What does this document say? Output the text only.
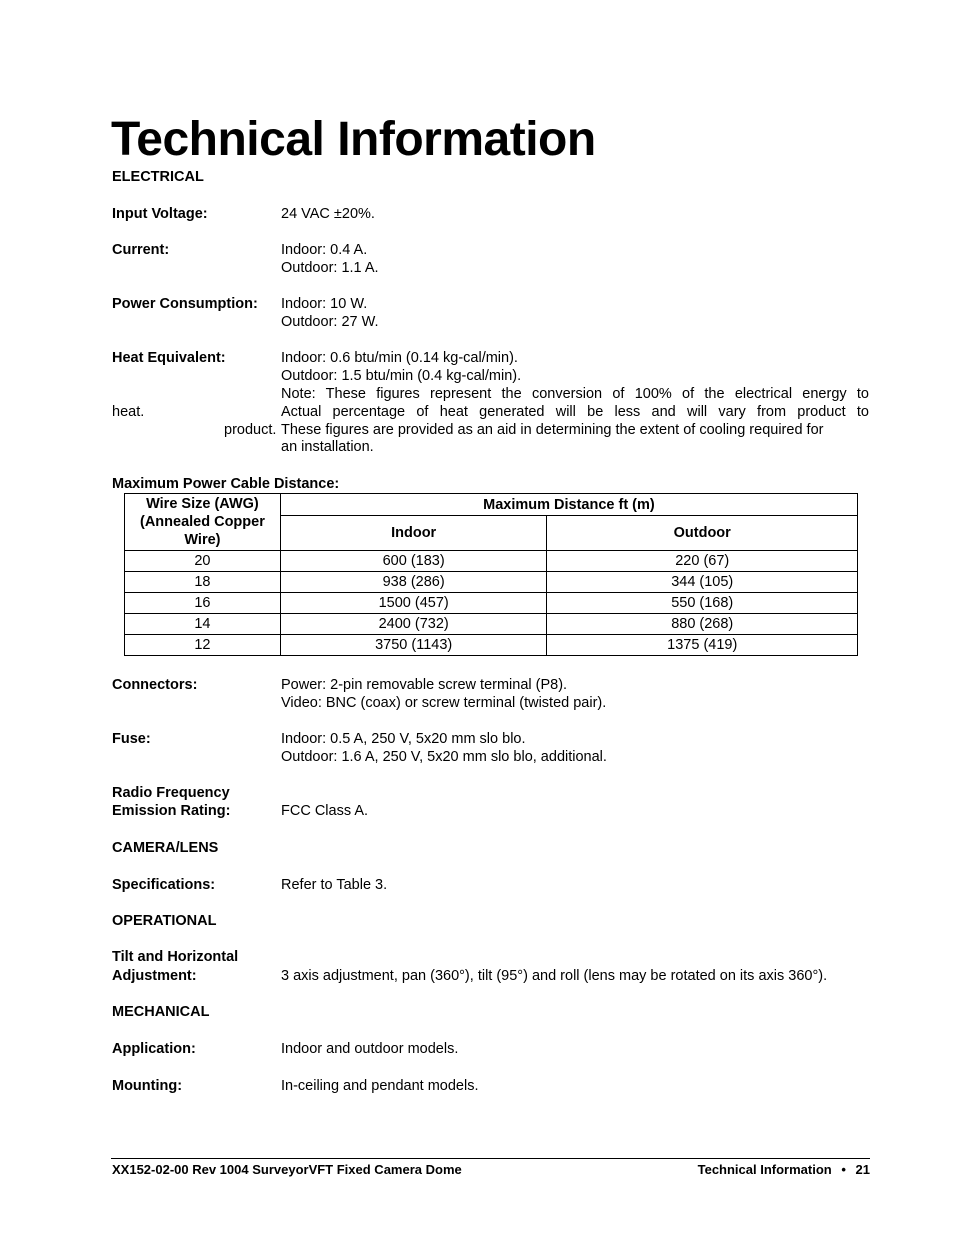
Technical Information
ELECTRICAL
Input Voltage:	24 VAC ±20%.
Current:	Indoor: 0.4 A.
Outdoor: 1.1 A.
Power Consumption: Indoor: 10 W.
Outdoor: 27 W.
Heat Equivalent:	Indoor: 0.6 btu/min (0.14 kg-cal/min).
Outdoor: 1.5 btu/min (0.4 kg-cal/min).
Note: These figures represent the conversion of 100% of the electrical energy to
heat.	Actual percentage of heat generated will be less and will vary from product to
product. These figures are provided as an aid in determining the extent of cooling required for
an installation.
Maximum Power Cable Distance:
Wire Size (AWG) (Annealed Copper Wire)	Maximum Distance ft (m)	
	Indoor	Outdoor
20	600 (183)	220 (67)
18	938 (286)	344 (105)
16	1500 (457)	550 (168)
14	2400 (732)	880 (268)
12	3750 (1143)	1375 (419)
Connectors:	Power: 2-pin removable screw terminal (P8).
Video: BNC (coax) or screw terminal (twisted pair).
Fuse:	Indoor: 0.5 A, 250 V, 5x20 mm slo blo.
Outdoor: 1.6 A, 250 V, 5x20 mm slo blo, additional.
Radio Frequency
Emission Rating:	FCC Class A.
CAMERA/LENS
Specifications:	Refer to Table 3.
OPERATIONAL
Tilt and Horizontal
Adjustment:	3 axis adjustment, pan (360°), tilt (95°) and roll (lens may be rotated on its axis 360°).
MECHANICAL
Application:	Indoor and outdoor models.
Mounting:	In-ceiling and pendant models.
XX152-02-00 Rev 1004 SurveyorVFT Fixed Camera Dome	Technical Information • 21
